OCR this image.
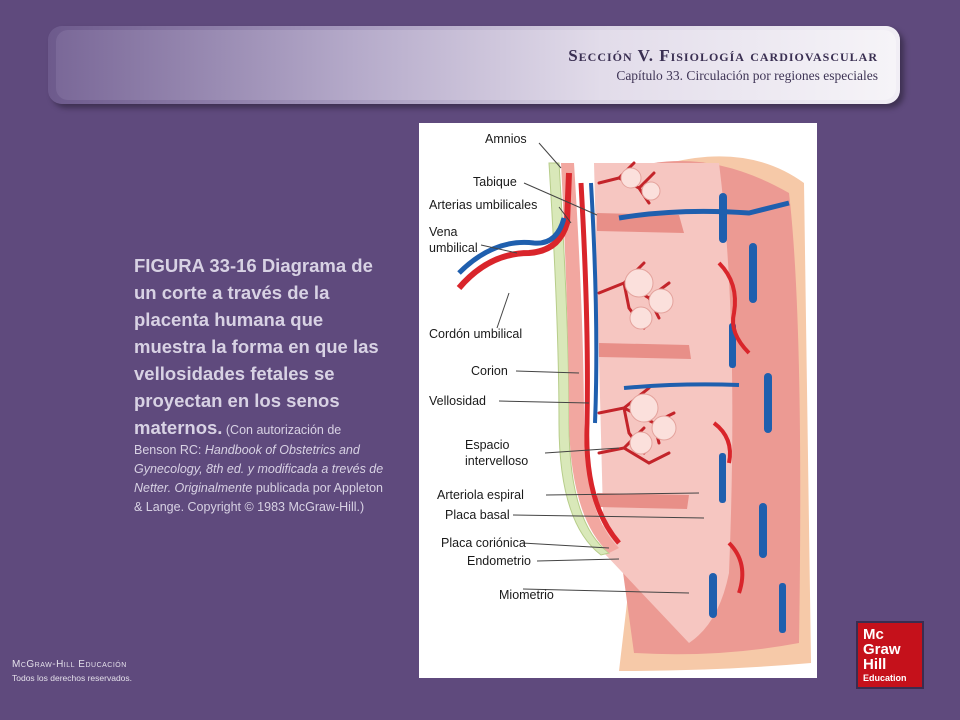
Sección V. Fisiología cardiovascular
Capítulo 33. Circulación por regiones especiales
FIGURA 33-16 Diagrama de un corte a través de la placenta humana que muestra la forma en que las vellosidades fetales se proyectan en los senos maternos. (Con autorización de Benson RC: Handbook of Obstetrics and Gynecology, 8th ed. y modificada a trevés de Netter. Originalmente publicada por Appleton & Lange. Copyright © 1983 McGraw-Hill.)
Amnios
Tabique
Arterias umbilicales
Vena
umbilical
Cordón umbilical
Corion
Vellosidad
Espacio
intervelloso
Arteriola espiral
Placa basal
Placa coriónica
Endometrio
Miometrio
McGraw-Hill Educación
Todos los derechos reservados.
Mc
Graw
Hill
Education
